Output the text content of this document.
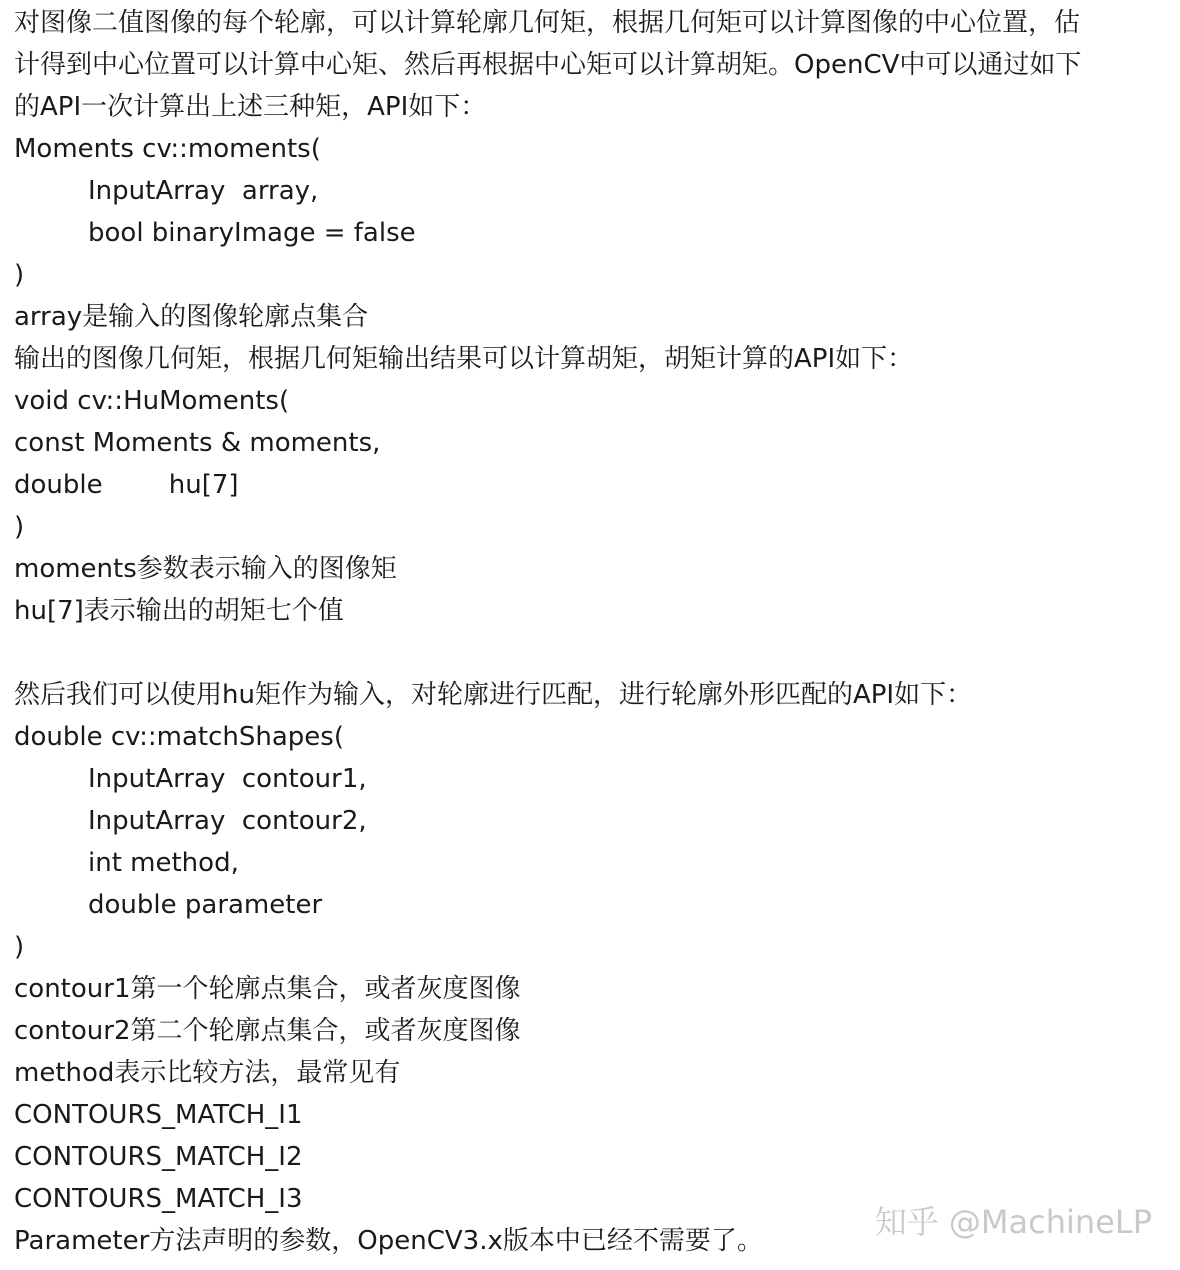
对图像二值图像的每个轮廓，可以计算轮廓几何矩，根据几何矩可以计算图像的中心位置，估
计得到中心位置可以计算中心矩、然后再根据中心矩可以计算胡矩。OpenCV中可以通过如下
的API一次计算出上述三种矩，API如下：
Moments cv::moments(
InputArray  array,
bool binaryImage = false
)
array是输入的图像轮廓点集合
输出的图像几何矩，根据几何矩输出结果可以计算胡矩，胡矩计算的API如下：
void cv::HuMoments(
const Moments & moments,
double        hu[7]
)
moments参数表示输入的图像矩
hu[7]表示输出的胡矩七个值
然后我们可以使用hu矩作为输入，对轮廓进行匹配，进行轮廓外形匹配的API如下：
double cv::matchShapes(
InputArray  contour1,
InputArray  contour2,
int method,
double parameter
)
contour1第一个轮廓点集合，或者灰度图像
contour2第二个轮廓点集合，或者灰度图像
method表示比较方法，最常见有
CONTOURS_MATCH_I1
CONTOURS_MATCH_I2
CONTOURS_MATCH_I3
Parameter方法声明的参数，OpenCV3.x版本中已经不需要了。	知乎 @MachineLP
